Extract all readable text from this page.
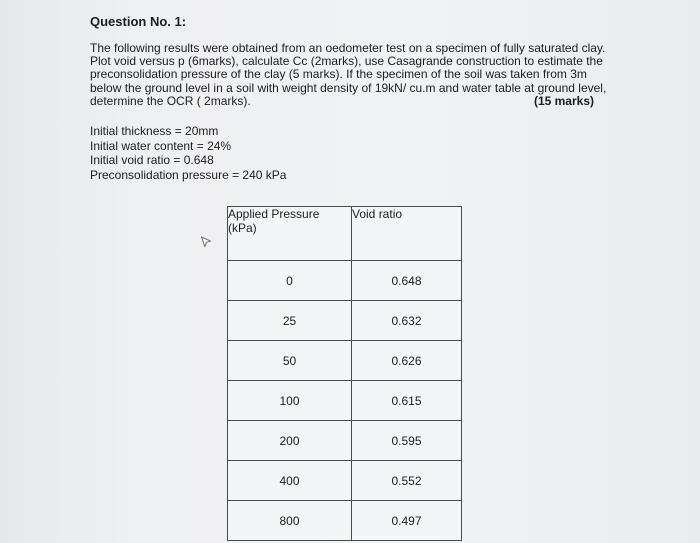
Question No. 1:
The following results were obtained from an oedometer test on a specimen of fully saturated clay.
Plot void versus p (6marks), calculate Cc (2marks), use Casagrande construction to estimate the
preconsolidation pressure of the clay (5 marks). If the specimen of the soil was taken from 3m
below the ground level in a soil with weight density of 19kN/ cu.m and water table at ground level,
determine the OCR ( 2marks).	(15 marks)
Initial thickness = 20mm
Initial water content = 24%
Initial void ratio = 0.648
Preconsolidation pressure = 240 kPa
Applied Pressure
(kPa)	Void ratio
0	0.648
25	0.632
50	0.626
100	0.615
200	0.595
400	0.552
800	0.497
